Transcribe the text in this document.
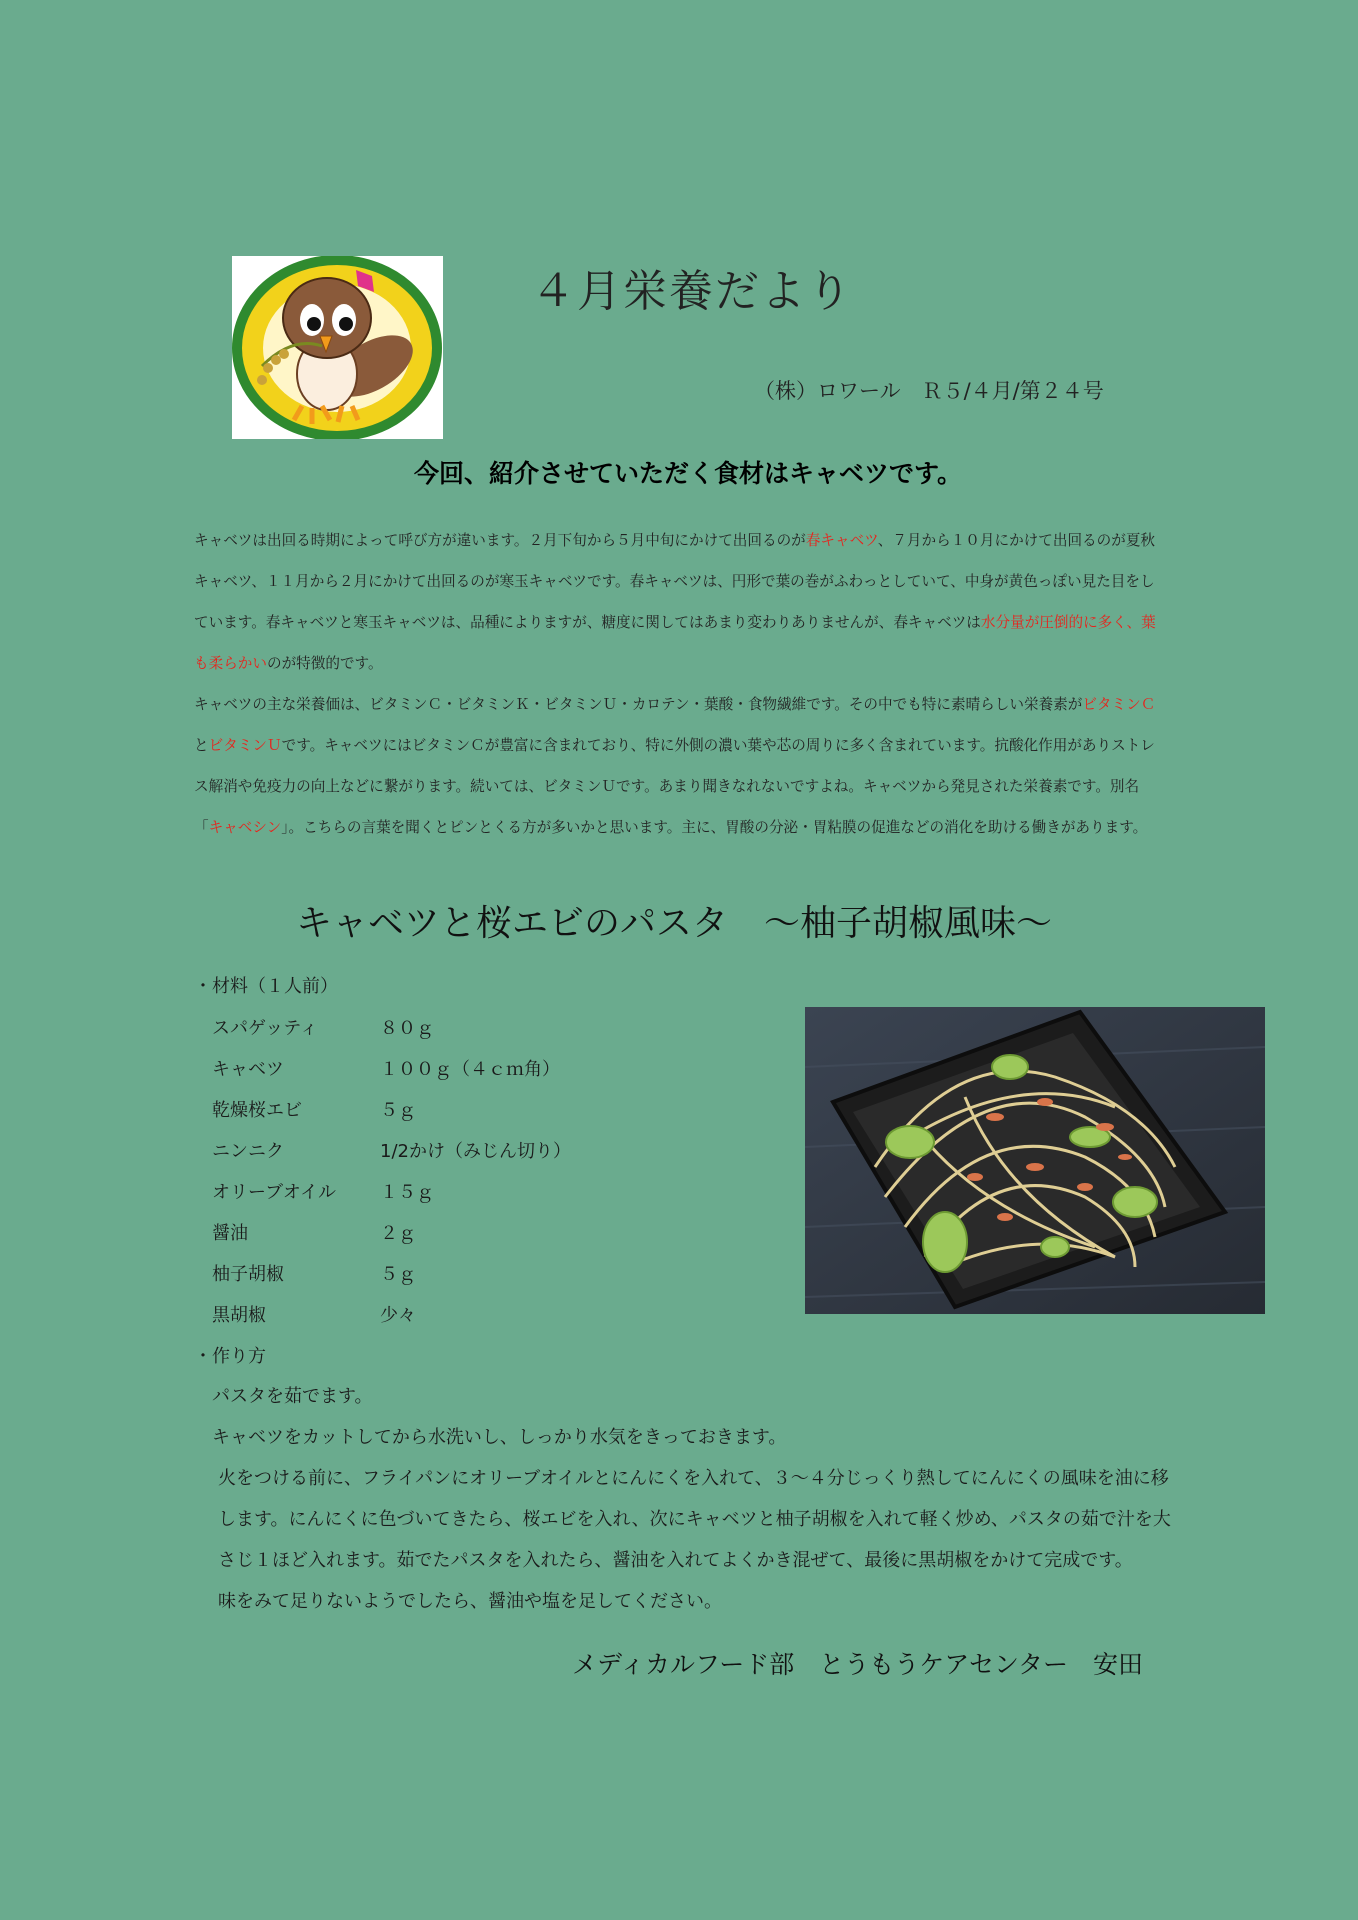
４月栄養だより
（株）ロワール　Ｒ５/４月/第２４号
今回、紹介させていただく食材はキャベツです。

キャベツは出回る時期によって呼び方が違います。２月下旬から５月中旬にかけて出回るのが春キャベツ、７月から１０月にかけて出回るのが夏秋キャベツ、１１月から２月にかけて出回るのが寒玉キャベツです。春キャベツは、円形で葉の巻がふわっとしていて、中身が黄色っぽい見た目をしています。春キャベツと寒玉キャベツは、品種によりますが、糖度に関してはあまり変わりありませんが、春キャベツは水分量が圧倒的に多く、葉も柔らかいのが特徴的です。

キャベツの主な栄養価は、ビタミンＣ・ビタミンＫ・ビタミンＵ・カロテン・葉酸・食物繊維です。その中でも特に素晴らしい栄養素がビタミンＣとビタミンＵです。キャベツにはビタミンＣが豊富に含まれており、特に外側の濃い葉や芯の周りに多く含まれています。抗酸化作用がありストレス解消や免疫力の向上などに繋がります。続いては、ビタミンＵです。あまり聞きなれないですよね。キャベツから発見された栄養素です。別名「キャベシン」。こちらの言葉を聞くとピンとくる方が多いかと思います。主に、胃酸の分泌・胃粘膜の促進などの消化を助ける働きがあります。

キャベツと桜エビのパスタ　～柚子胡椒風味～
・材料（１人前）
スパゲッティ	８０ｇ
キャベツ	１００ｇ（４ｃｍ角）
乾燥桜エビ	５ｇ
ニンニク	1/2かけ（みじん切り）
オリーブオイル １５ｇ
醤油	２ｇ
柚子胡椒	５ｇ
黒胡椒	少々
・作り方

パスタを茹でます。

キャベツをカットしてから水洗いし、しっかり水気をきっておきます。

火をつける前に、フライパンにオリーブオイルとにんにくを入れて、３～４分じっくり熱してにんにくの風味を油に移します。にんにくに色づいてきたら、桜エビを入れ、次にキャベツと柚子胡椒を入れて軽く炒め、パスタの茹で汁を大さじ１ほど入れます。茹でたパスタを入れたら、醤油を入れてよくかき混ぜて、最後に黒胡椒をかけて完成です。

味をみて足りないようでしたら、醤油や塩を足してください。

メディカルフード部　とうもうケアセンター　安田
